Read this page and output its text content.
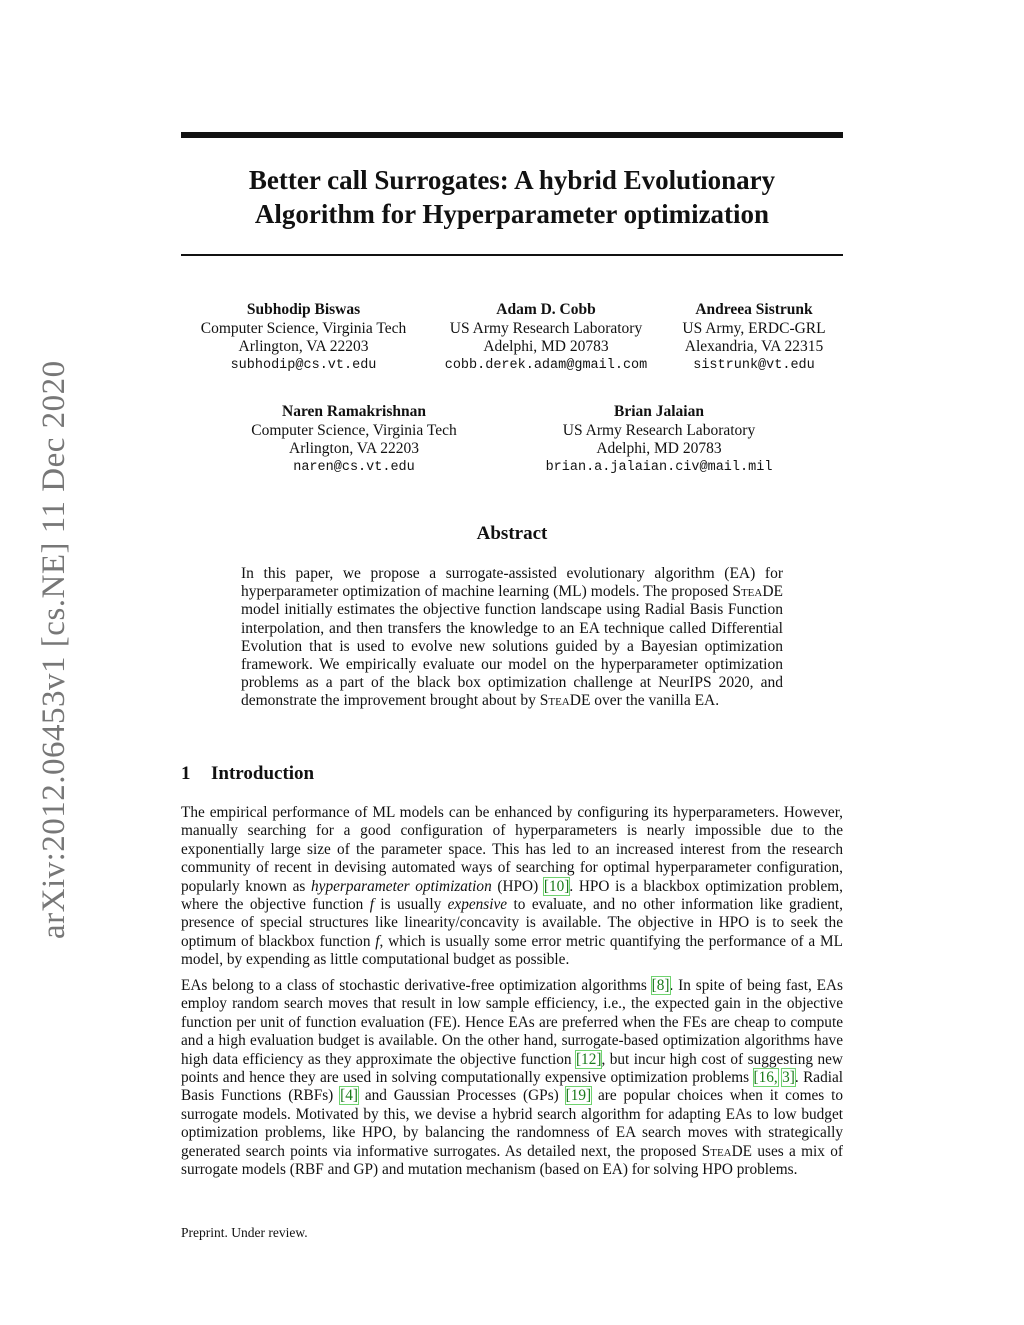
arXiv:2012.06453v1 [cs.NE] 11 Dec 2020
Better call Surrogates: A hybrid Evolutionary
Algorithm for Hyperparameter optimization
Subhodip Biswas
Computer Science, Virginia Tech
Arlington, VA 22203
subhodip@cs.vt.edu
Adam D. Cobb
US Army Research Laboratory
Adelphi, MD 20783
cobb.derek.adam@gmail.com
Andreea Sistrunk
US Army, ERDC-GRL
Alexandria, VA 22315
sistrunk@vt.edu
Naren Ramakrishnan
Computer Science, Virginia Tech
Arlington, VA 22203
naren@cs.vt.edu
Brian Jalaian
US Army Research Laboratory
Adelphi, MD 20783
brian.a.jalaian.civ@mail.mil
Abstract
In this paper, we propose a surrogate-assisted evolutionary algorithm (EA) for hyperparameter optimization of machine learning (ML) models. The proposed SteaDE model initially estimates the objective function landscape using Radial Basis Function interpolation, and then transfers the knowledge to an EA technique called Differential Evolution that is used to evolve new solutions guided by a Bayesian optimization framework. We empirically evaluate our model on the hyperparameter optimization problems as a part of the black box optimization challenge at NeurIPS 2020, and demonstrate the improvement brought about by SteaDE over the vanilla EA.
1 Introduction
The empirical performance of ML models can be enhanced by configuring its hyperparameters. However, manually searching for a good configuration of hyperparameters is nearly impossible due to the exponentially large size of the parameter space. This has led to an increased interest from the research community of recent in devising automated ways of searching for optimal hyperparameter configuration, popularly known as hyperparameter optimization (HPO) [10]. HPO is a blackbox optimization problem, where the objective function f is usually expensive to evaluate, and no other information like gradient, presence of special structures like linearity/concavity is available. The objective in HPO is to seek the optimum of blackbox function f, which is usually some error metric quantifying the performance of a ML model, by expending as little computational budget as possible.
EAs belong to a class of stochastic derivative-free optimization algorithms [8]. In spite of being fast, EAs employ random search moves that result in low sample efficiency, i.e., the expected gain in the objective function per unit of function evaluation (FE). Hence EAs are preferred when the FEs are cheap to compute and a high evaluation budget is available. On the other hand, surrogate-based optimization algorithms have high data efficiency as they approximate the objective function [12], but incur high cost of suggesting new points and hence they are used in solving computationally expensive optimization problems [16, 3]. Radial Basis Functions (RBFs) [4] and Gaussian Processes (GPs) [19] are popular choices when it comes to surrogate models. Motivated by this, we devise a hybrid search algorithm for adapting EAs to low budget optimization problems, like HPO, by balancing the randomness of EA search moves with strategically generated search points via informative surrogates. As detailed next, the proposed SteaDE uses a mix of surrogate models (RBF and GP) and mutation mechanism (based on EA) for solving HPO problems.
Preprint. Under review.
